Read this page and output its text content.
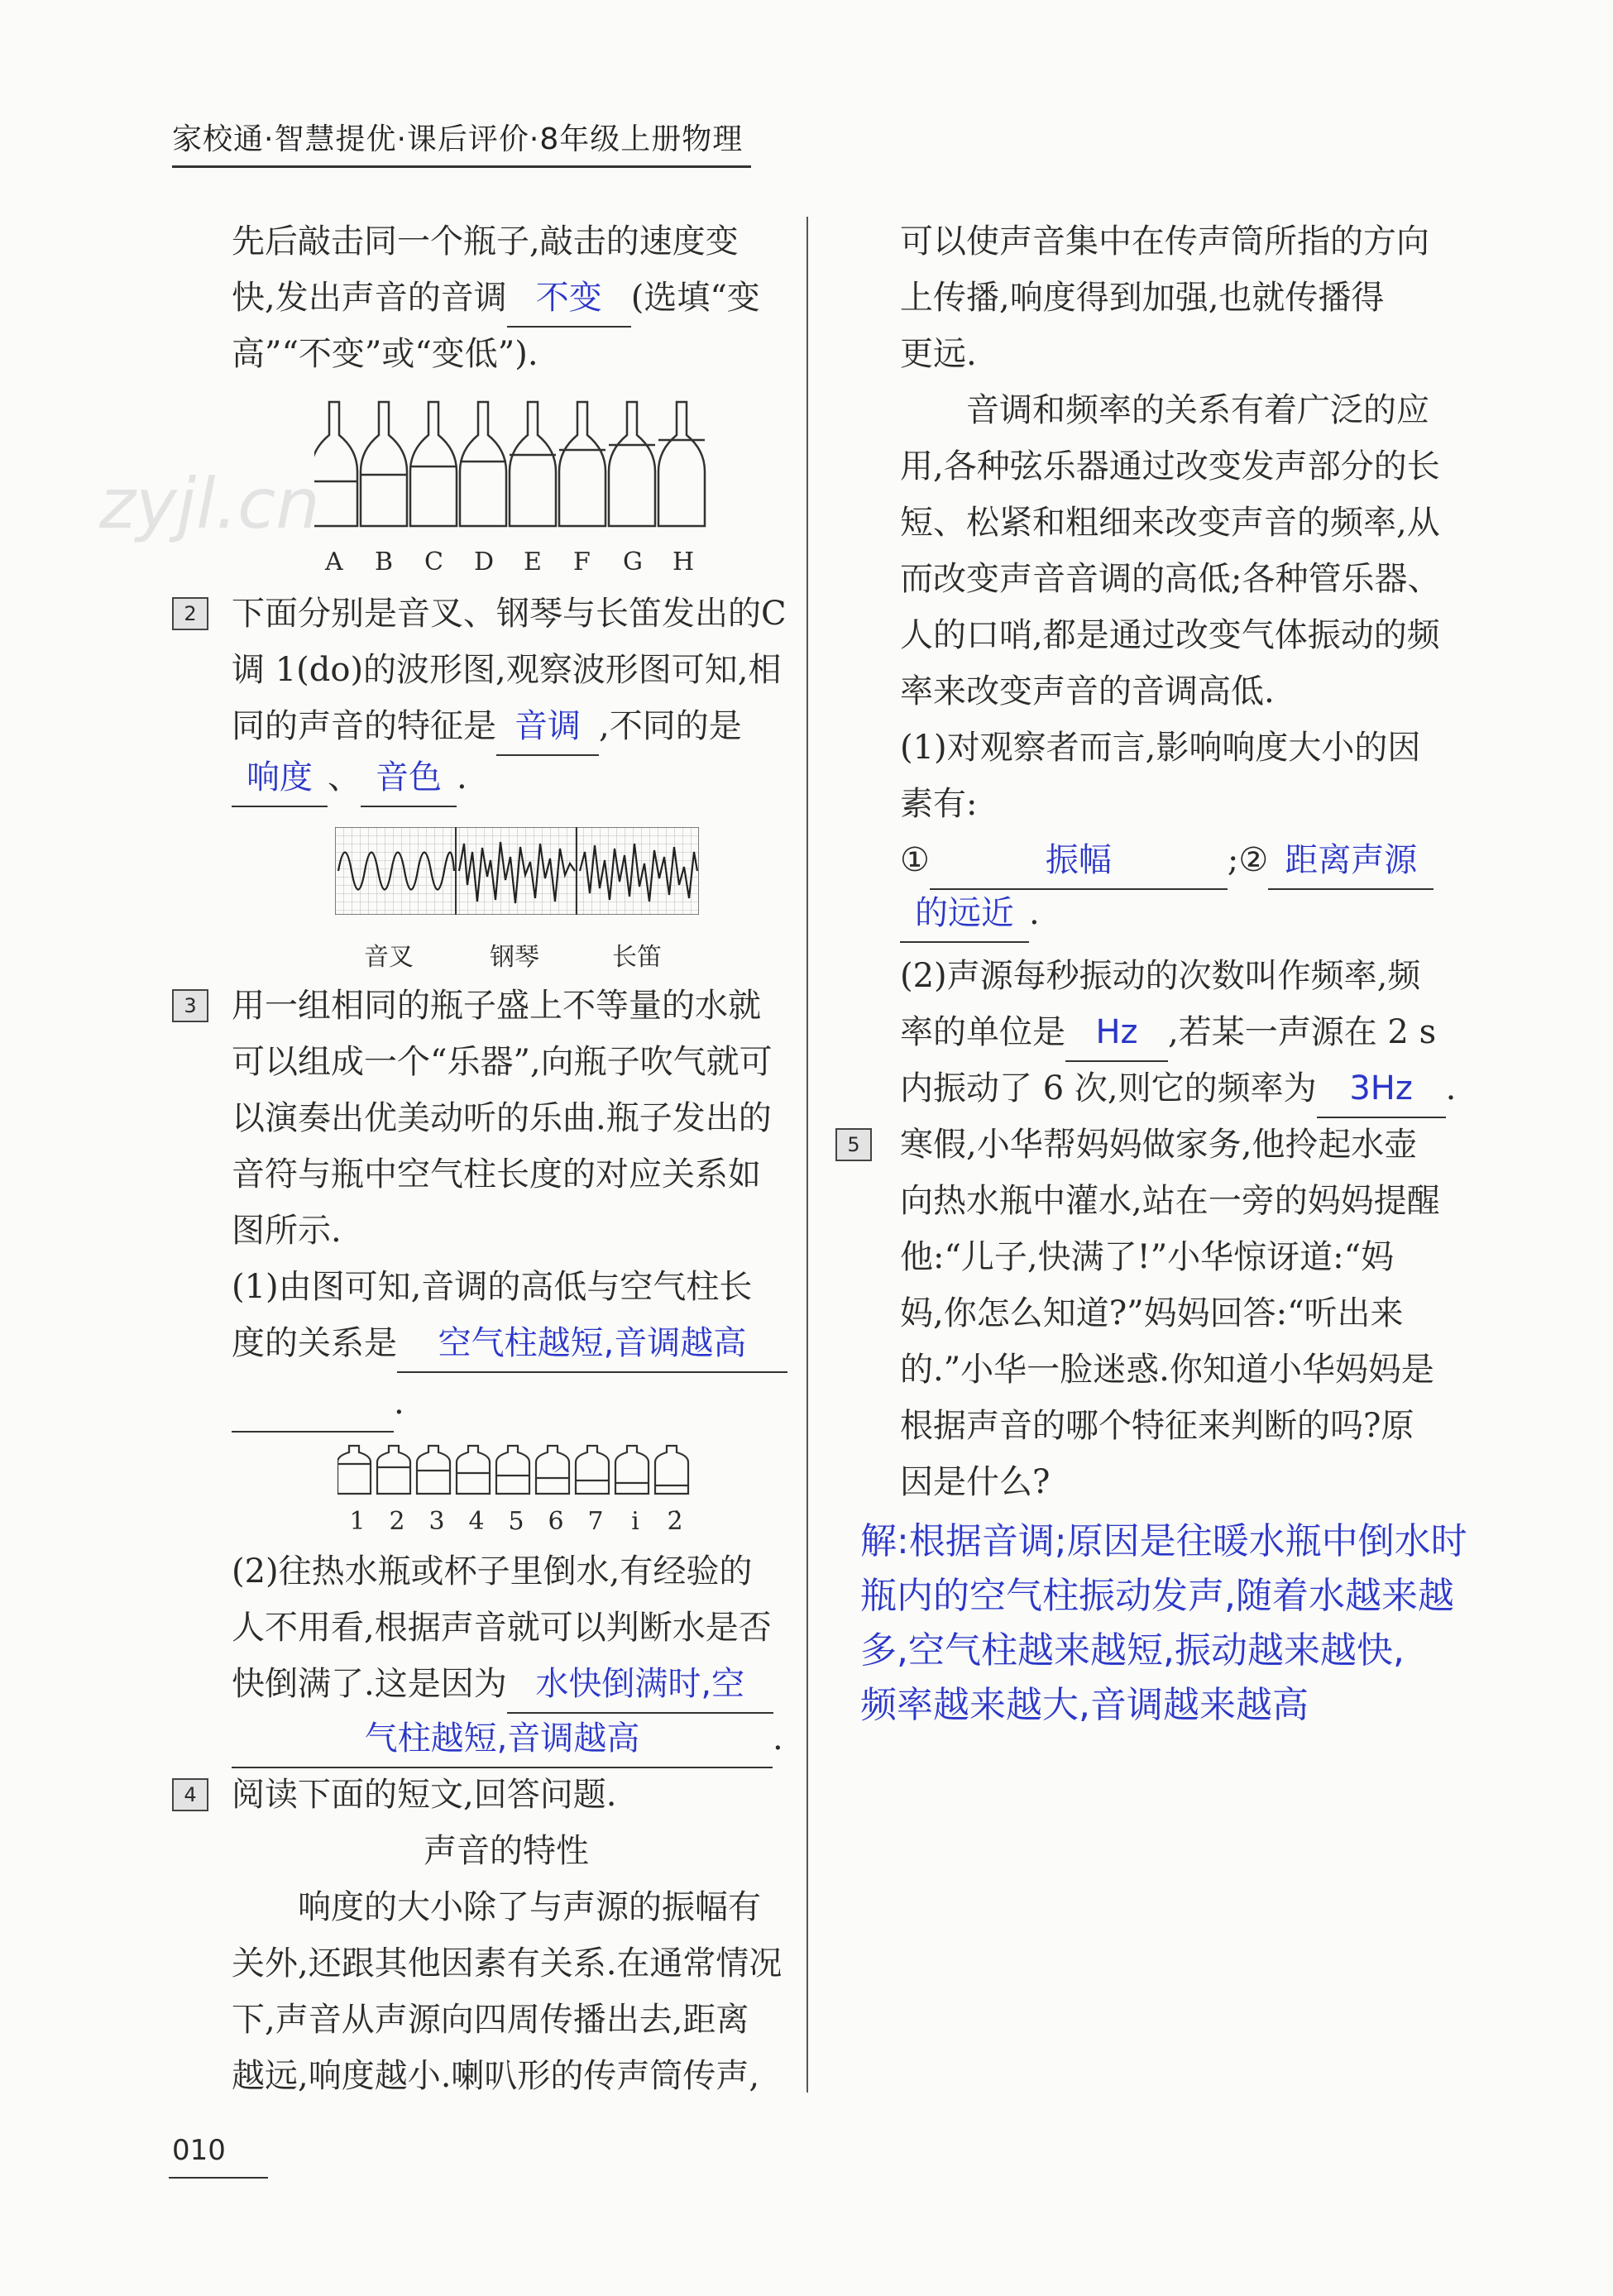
家校通·智慧提优·课后评价·8年级上册物理
zyjl.cn
先后敲击同一个瓶子,敲击的速度变
快,发出声音的音调 不变 (选填“变
高”“不变”或“变低”).
A	B	C	D	E	F	G	H
2	下面分别是音叉、钢琴与长笛发出的C
调 1(do)的波形图,观察波形图可知,相
同的声音的特征是 音调 ,不同的是
响度 、 音色 .
音叉	钢琴	长笛
3	用一组相同的瓶子盛上不等量的水就
可以组成一个“乐器”,向瓶子吹气就可
以演奏出优美动听的乐曲.瓶子发出的
音符与瓶中空气柱长度的对应关系如
图所示.
(1)由图可知,音调的高低与空气柱长
度的关系是 空气柱越短,音调越高
.
1 2 3 4 5 6 7	i	2̇
(2)往热水瓶或杯子里倒水,有经验的
人不用看,根据声音就可以判断水是否
快倒满了.这是因为 水快倒满时,空
气柱越短,音调越高	.
4	阅读下面的短文,回答问题.
声音的特性
响度的大小除了与声源的振幅有
关外,还跟其他因素有关系.在通常情况
下,声音从声源向四周传播出去,距离
越远,响度越小.喇叭形的传声筒传声,
可以使声音集中在传声筒所指的方向
上传播,响度得到加强,也就传播得
更远.
音调和频率的关系有着广泛的应
用,各种弦乐器通过改变发声部分的长
短、松紧和粗细来改变声音的频率,从
而改变声音音调的高低;各种管乐器、
人的口哨,都是通过改变气体振动的频
率来改变声音的音调高低.
(1)对观察者而言,影响响度大小的因
素有:
①	振幅	;② 距离声源
的远近 .
(2)声源每秒振动的次数叫作频率,频
率的单位是 Hz ,若某一声源在 2 s
内振动了 6 次,则它的频率为 3Hz .
5	寒假,小华帮妈妈做家务,他拎起水壶
向热水瓶中灌水,站在一旁的妈妈提醒
他:“儿子,快满了!”小华惊讶道:“妈
妈,你怎么知道?”妈妈回答:“听出来
的.”小华一脸迷惑.你知道小华妈妈是
根据声音的哪个特征来判断的吗?原
因是什么?
解:根据音调;原因是往暖水瓶中倒水时
瓶内的空气柱振动发声,随着水越来越
多,空气柱越来越短,振动越来越快,
频率越来越大,音调越来越高
010
